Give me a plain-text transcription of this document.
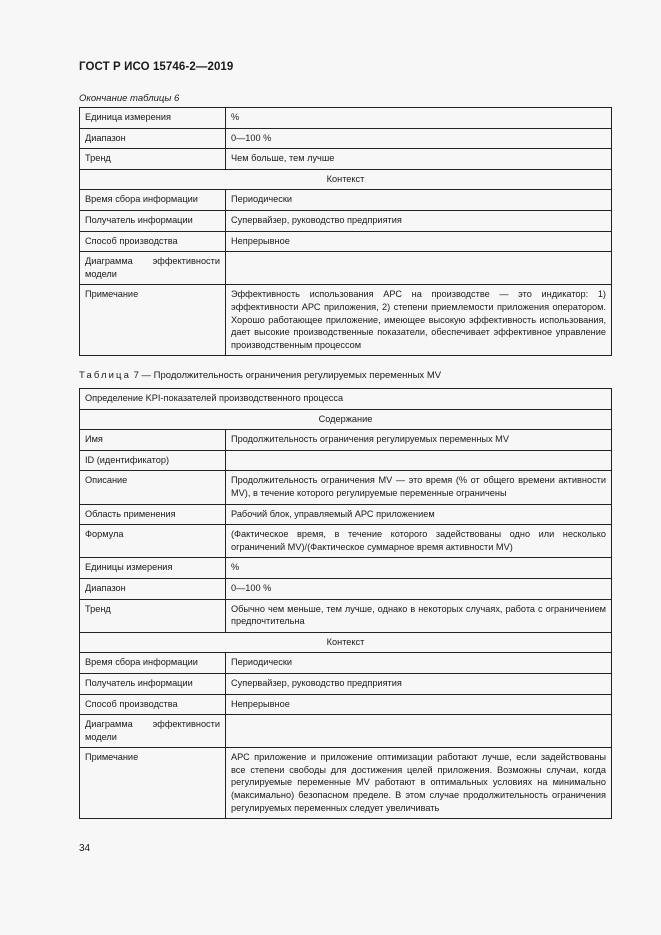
ГОСТ Р ИСО 15746-2—2019
Окончание таблицы 6
Единица измерения	%
Диапазон	0—100 %
Тренд	Чем больше, тем лучше
Контекст	
Время сбора информации	Периодически
Получатель информации	Супервайзер, руководство предприятия
Способ производства	Непрерывное
Диаграмма эффективности модели	
Примечание	Эффективность использования АРС на производстве — это индикатор: 1) эффективности АРС приложения, 2) степени приемлемости приложения оператором. Хорошо работающее приложение, имеющее высокую эффективность использования, дает высокие производственные показатели, обеспечивает эффективное управление производственным процессом
Таблица 7 — Продолжительность ограничения регулируемых переменных MV
Определение KPI-показателей производственного процесса	
Содержание	
Имя	Продолжительность ограничения регулируемых переменных MV
ID (идентификатор)	
Описание	Продолжительность ограничения MV — это время (% от общего времени активности MV), в течение которого регулируемые переменные ограничены
Область применения	Рабочий блок, управляемый АРС приложением
Формула	(Фактическое время, в течение которого задействованы одно или несколько ограничений MV)/(Фактическое суммарное время активности MV)
Единицы измерения	%
Диапазон	0—100 %
Тренд	Обычно чем меньше, тем лучше, однако в некоторых случаях, работа с ограничением предпочтительна
Контекст	
Время сбора информации	Периодически
Получатель информации	Супервайзер, руководство предприятия
Способ производства	Непрерывное
Диаграмма эффективности модели	
Примечание	АРС приложение и приложение оптимизации работают лучше, если задействованы все степени свободы для достижения целей приложения. Возможны случаи, когда регулируемые переменные MV работают в оптимальных условиях на минимально (максимально) безопасном пределе. В этом случае продолжительность ограничения регулируемых переменных следует увеличивать
34
